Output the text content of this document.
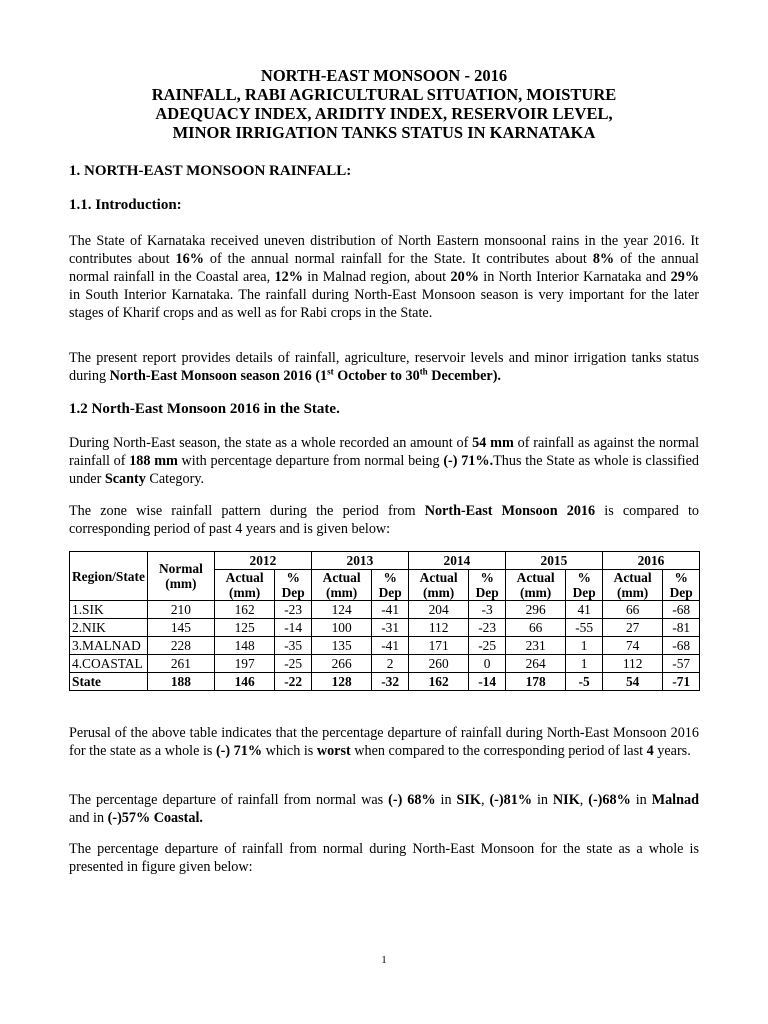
NORTH-EAST MONSOON - 2016
RAINFALL, RABI AGRICULTURAL SITUATION, MOISTURE
ADEQUACY INDEX, ARIDITY INDEX, RESERVOIR LEVEL,
MINOR IRRIGATION TANKS STATUS IN KARNATAKA
1. NORTH-EAST MONSOON RAINFALL:
1.1. Introduction:
The State of Karnataka received uneven distribution of North Eastern monsoonal rains in the year 2016. It contributes about 16% of the annual normal rainfall for the State. It contributes about 8% of the annual normal rainfall in the Coastal area, 12% in Malnad region, about 20% in North Interior Karnataka and 29% in South Interior Karnataka. The rainfall during North-East Monsoon season is very important for the later stages of Kharif crops and as well as for Rabi crops in the State.
The present report provides details of rainfall, agriculture, reservoir levels and minor irrigation tanks status during North-East Monsoon season 2016 (1st October to 30th December).
1.2 North-East Monsoon 2016 in the State.
During North-East season, the state as a whole recorded an amount of 54 mm of rainfall as against the normal rainfall of 188 mm with percentage departure from normal being (-) 71%.Thus the State as whole is classified under Scanty Category.
The zone wise rainfall pattern during the period from North-East Monsoon 2016 is compared to corresponding period of past 4 years and is given below:
Region/State	Normal (mm)	2012		2013		2014		2015		2016	
		Actual (mm)	% Dep	Actual (mm)	% Dep	Actual (mm)	% Dep	Actual (mm)	% Dep	Actual (mm)	% Dep
1.SIK	210	162	-23	124	-41	204	-3	296	41	66	-68
2.NIK	145	125	-14	100	-31	112	-23	66	-55	27	-81
3.MALNAD	228	148	-35	135	-41	171	-25	231	1	74	-68
4.COASTAL	261	197	-25	266	2	260	0	264	1	112	-57
State	188	146	-22	128	-32	162	-14	178	-5	54	-71
Perusal of the above table indicates that the percentage departure of rainfall during North-East Monsoon 2016 for the state as a whole is (-) 71% which is worst when compared to the corresponding period of last 4 years.
The percentage departure of rainfall from normal was (-) 68% in SIK, (-)81% in NIK, (-)68% in Malnad and in (-)57% Coastal.
The percentage departure of rainfall from normal during North-East Monsoon for the state as a whole is presented in figure given below:
1
